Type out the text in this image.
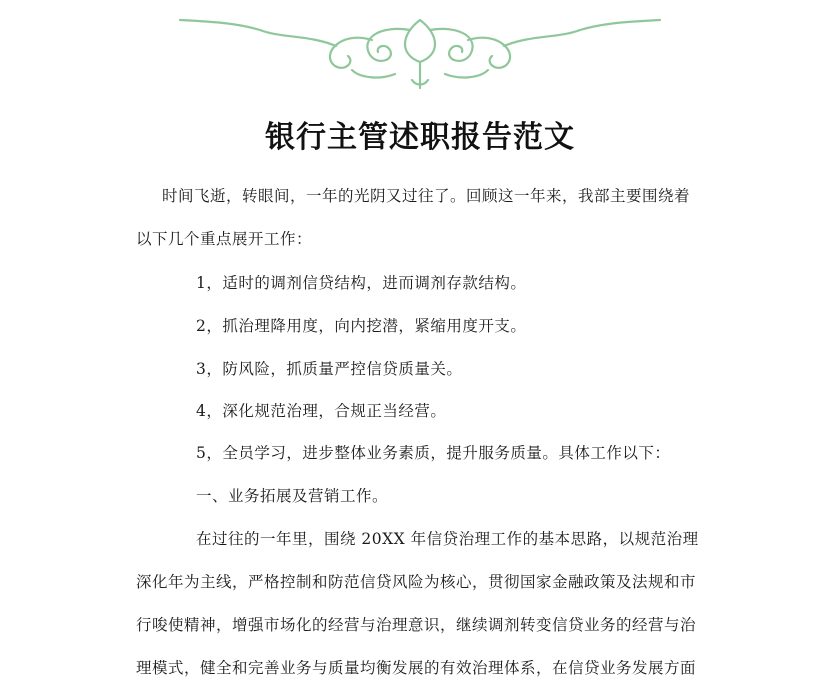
银行主管述职报告范文

时间飞逝，转眼间，一年的光阴又过往了。回顾这一年来，我部主要围绕着

以下几个重点展开工作：

1，适时的调剂信贷结构，进而调剂存款结构。
2，抓治理降用度，向内挖潜，紧缩用度开支。
3，防风险，抓质量严控信贷质量关。
4，深化规范治理，合规正当经营。
5，全员学习，进步整体业务素质，提升服务质量。具体工作以下：
一、业务拓展及营销工作。

在过往的一年里，围绕 20XX 年信贷治理工作的基本思路，以规范治理

深化年为主线，严格控制和防范信贷风险为核心，贯彻国家金融政策及法规和市

行唆使精神，增强市场化的经营与治理意识，继续调剂转变信贷业务的经营与治

理模式，健全和完善业务与质量均衡发展的有效治理体系，在信贷业务发展方面
